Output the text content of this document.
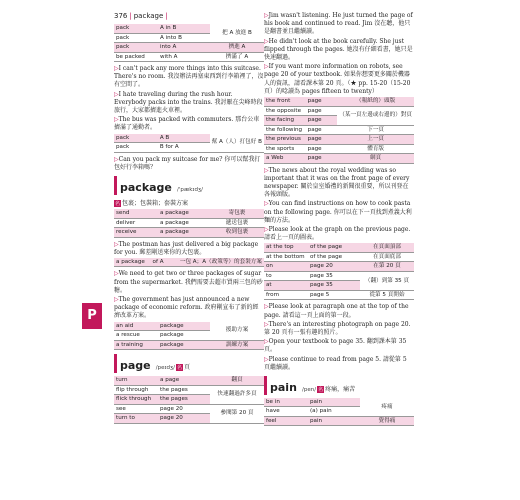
376 | package |
P
pack	A in B	把 A 放進 B
pack	A into B	
pack	into A	擠進 A
be packed	with A	擠滿了 A

▷I can't pack any more things into this suitcase. There's no room. 我沒辦法再塞東西到行李箱裡了，沒有空間了。

▷I hate traveling during the rush hour. Everybody packs into the trains. 我討厭在尖峰時段旅行，大家都擠進火車裡。

▷The bus was packed with commuters. 那台公車擠滿了通勤者。

pack	A B	幫 A（人）打包好 B
pack	B for A	

▷Can you pack my suitcase for me? 你可以幫我打包好行李箱嗎？

package /'pækɪdʒ/
名 包裹；包裝箱；套裝方案
send	a package	寄包裹
deliver	a package	遞送包裹
receive	a package	收到包裹

▷The postman has just delivered a big package for you. 郵差剛送來你的大包裹。

a package	of A	一包 A；A（政策等）的套裝方案

▷We need to get two or three packages of sugar from the supermarket. 我們需要去超市買兩三包的砂糖。

▷The government has just announced a new package of economic reform. 政府剛宣布了新的經濟改革方案。

an aid	package	援助方案
a rescue	package	
a training	package	訓練方案
page /peɪdʒ/ 名 頁
turn	a page	翻頁
flip through	the pages	快速翻過許多頁
flick through	the pages	
see	page 20	參閱第 20 頁
turn to	page 20	

▷Jim wasn't listening. He just turned the page of his book and continued to read. Jim 沒在聽，他只是翻書並且繼續讀。

▷He didn't look at the book carefully. She just flipped through the pages. 她沒有仔細看書，她只是快速翻過。

▷If you want more information on robots, see page 20 of your textbook. 如果你想要更多關於機器人的資訊，請看課本第 20 頁。（★ pp. 15-20（15-20 頁）的唸讀為 pages fifteen to twenty）

the front	page	（報紙的）頭版
the opposite	page	（某一頁左邊或右邊的）對頁
the facing	page	
the following	page	下一頁
the previous	page	上一頁
the sports	page	體育版
a Web	page	網頁

▷The news about the royal wedding was so important that it was on the front page of every newspaper. 關於皇室婚禮的新聞很重要，所以刊登在各報頭版。

▷You can find instructions on how to cook pasta on the following page. 你可以在下一頁找到煮義大利麵的方法。

▷Please look at the graph on the previous page. 請看上一頁的圖表。

at the top	of the page	在頁面頂部
at the bottom	of the page	在頁面底部
on	page 20	在第 20 頁
to	page 35	（翻）到第 35 頁
at	page 35	
from	page 5	從第 5 頁開始

▷Please look at paragraph one at the top of the page. 請看這一頁上面的第一段。

▷There's an interesting photograph on page 20. 第 20 頁有一張有趣的照片。

▷Open your textbook to page 35. 翻到課本第 35 頁。

▷Please continue to read from page 5. 請從第 5 頁繼續讀。

pain /pen/ 名 疼痛，痛苦
be in	pain	疼痛
have	(a) pain	
feel	pain	覺得痛
